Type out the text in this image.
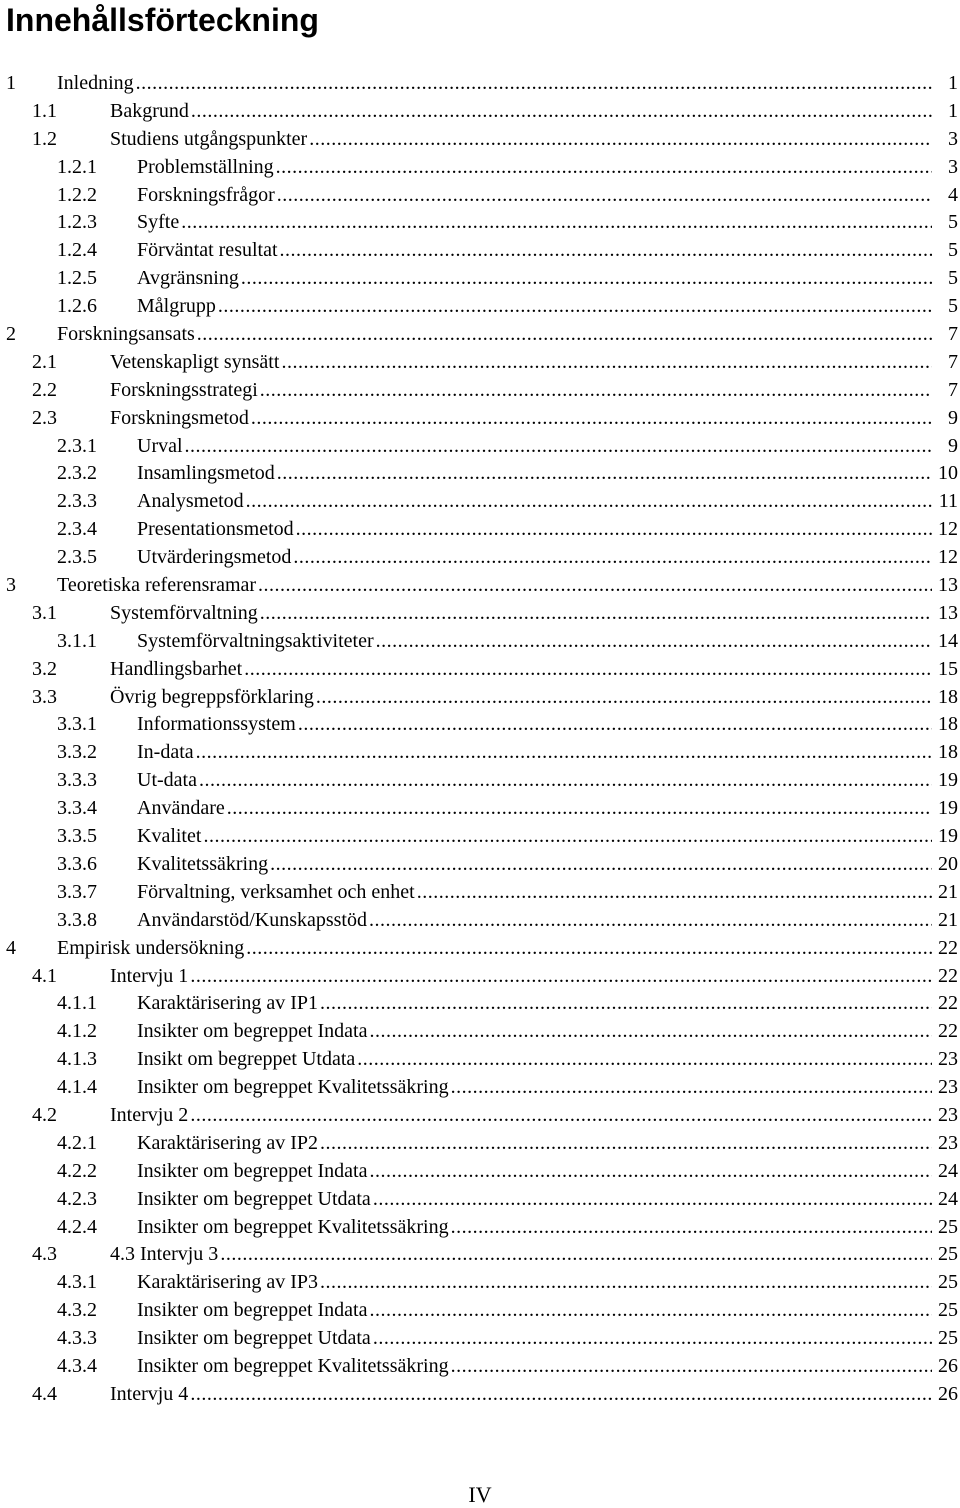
Innehållsförteckning
1 Inledning .....	1
1.1	Bakgrund .....	1
1.2	Studiens utgångspunkter .....	3
1.2.1 Problemställning .....	3
1.2.2 Forskningsfrågor .....	4
1.2.3 Syfte .....	5
1.2.4 Förväntat resultat .....	5
1.2.5 Avgränsning .....	5
1.2.6 Målgrupp .....	5
2 Forskningsansats .....	7
2.1	Vetenskapligt synsätt .....	7
2.2	Forskningsstrategi .....	7
2.3	Forskningsmetod .....	9
2.3.1 Urval .....	9
2.3.2 Insamlingsmetod .....	10
2.3.3 Analysmetod .....	11
2.3.4 Presentationsmetod .....	12
2.3.5 Utvärderingsmetod .....	12
3 Teoretiska referensramar .....	13
3.1	Systemförvaltning .....	13
3.1.1 Systemförvaltningsaktiviteter .....	14
3.2	Handlingsbarhet .....	15
3.3	Övrig begreppsförklaring .....	18
3.3.1 Informationssystem .....	18
3.3.2 In-data .....	18
3.3.3 Ut-data .....	19
3.3.4 Användare .....	19
3.3.5 Kvalitet .....	19
3.3.6 Kvalitetssäkring .....	20
3.3.7 Förvaltning, verksamhet och enhet .....	21
3.3.8 Användarstöd/Kunskapsstöd .....	21
4 Empirisk undersökning .....	22
4.1	Intervju 1 .....	22
4.1.1 Karaktärisering av IP1 .....	22
4.1.2 Insikter om begreppet Indata .....	22
4.1.3 Insikt om begreppet Utdata .....	23
4.1.4 Insikter om begreppet Kvalitetssäkring .....	23
4.2	Intervju 2 .....	23
4.2.1 Karaktärisering av IP2 .....	23
4.2.2 Insikter om begreppet Indata .....	24
4.2.3 Insikter om begreppet Utdata .....	24
4.2.4 Insikter om begreppet Kvalitetssäkring .....	25
4.3	4.3 Intervju 3 .....	25
4.3.1 Karaktärisering av IP3 .....	25
4.3.2 Insikter om begreppet Indata .....	25
4.3.3 Insikter om begreppet Utdata .....	25
4.3.4 Insikter om begreppet Kvalitetssäkring .....	26
4.4	Intervju 4 .....	26
IV
